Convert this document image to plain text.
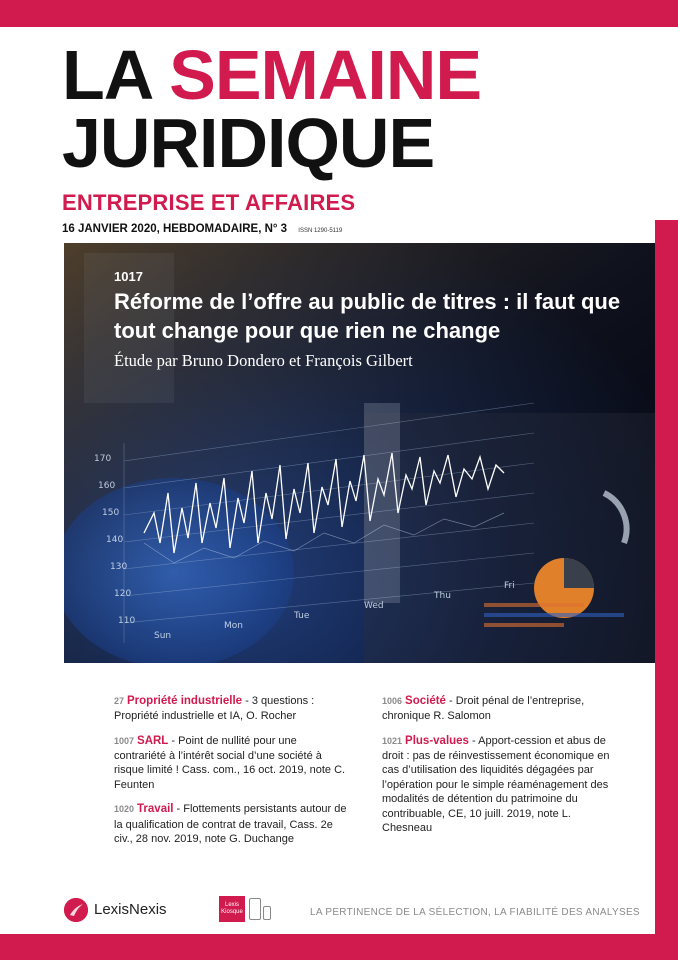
LA SEMAINE
JURIDIQUE
ENTREPRISE ET AFFAIRES
16 JANVIER 2020, HEBDOMADAIRE, N° 3 ISSN 1290-5119
170
160
150
140
130
120
110
Sun
Mon
Tue
Wed
Thu
Fri
1017
Réforme de l’offre au public de titres : il faut que tout change pour que rien ne change
Étude par Bruno Dondero et François Gilbert
27 Propriété industrielle - 3 questions : Propriété industrielle et IA, O. Rocher
1007 SARL - Point de nullité pour une contrariété à l’intérêt social d’une société à risque limité ! Cass. com., 16 oct. 2019, note C. Feunten
1020 Travail - Flottements persistants autour de la qualification de contrat de travail, Cass. 2e civ., 28 nov. 2019, note G. Duchange
1006 Société - Droit pénal de l’entreprise, chronique R. Salomon
1021 Plus-values - Apport-cession et abus de droit : pas de réinvestissement économique en cas d’utilisation des liquidités dégagées par l’opération pour le simple réaménagement des modalités de détention du patrimoine du contribuable, CE, 10 juill. 2019, note L. Chesneau
LexisNexis	Lexis
Kiosque	LA PERTINENCE DE LA SÉLECTION, LA FIABILITÉ DES ANALYSES
